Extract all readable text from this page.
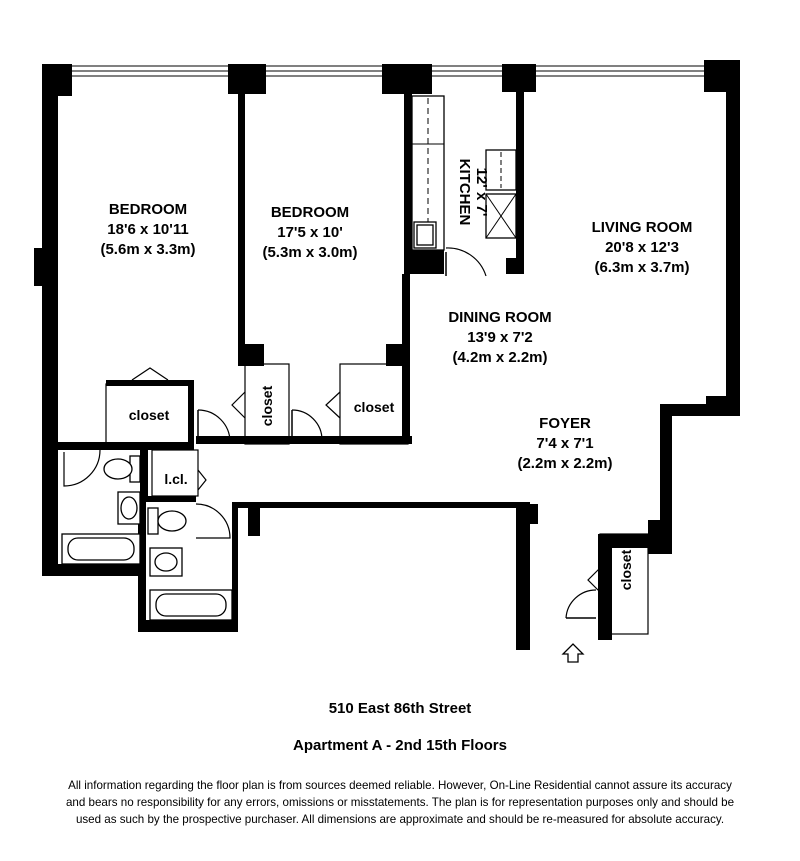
BEDROOM
18'6 x 10'11
(5.6m x 3.3m)
BEDROOM
17'5 x 10'
(5.3m x 3.0m)
KITCHEN 12' x 7'
LIVING ROOM
20'8 x 12'3
(6.3m x 3.7m)
DINING ROOM
13'9 x 7'2
(4.2m x 2.2m)
FOYER
7'4 x 7'1
(2.2m x 2.2m)
closet	closet	closet
l.cl.
closet
510 East 86th Street
Apartment A - 2nd 15th Floors
All information regarding the floor plan is from sources deemed reliable. However, On-Line Residential cannot assure its accuracy and bears no responsibility for any errors, omissions or misstatements. The plan is for representation purposes only and should be used as such by the prospective purchaser. All dimensions are approximate and should be re-measured for absolute accuracy.
